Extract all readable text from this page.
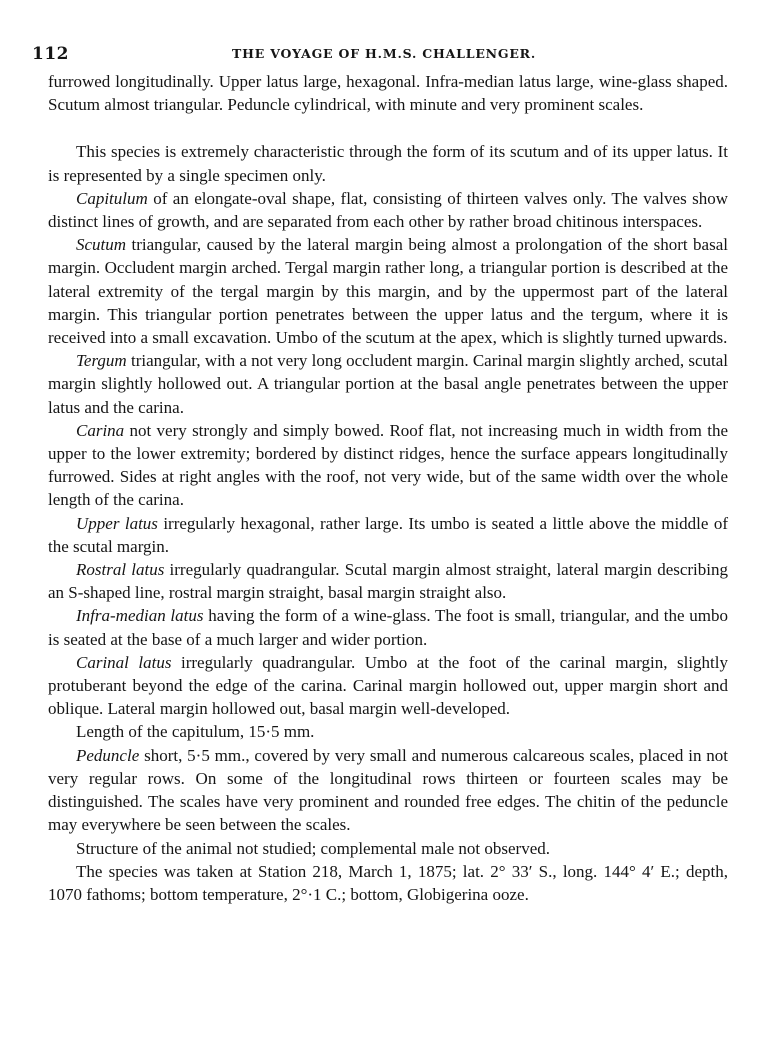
112	THE VOYAGE OF H.M.S. CHALLENGER.

furrowed longitudinally. Upper latus large, hexagonal. Infra-median latus large, wine-glass shaped. Scutum almost triangular. Peduncle cylindrical, with minute and very prominent scales.

This species is extremely characteristic through the form of its scutum and of its upper latus. It is represented by a single specimen only.

Capitulum of an elongate-oval shape, flat, consisting of thirteen valves only. The valves show distinct lines of growth, and are separated from each other by rather broad chitinous interspaces.

Scutum triangular, caused by the lateral margin being almost a prolongation of the short basal margin. Occludent margin arched. Tergal margin rather long, a triangular portion is described at the lateral extremity of the tergal margin by this margin, and by the uppermost part of the lateral margin. This triangular portion penetrates between the upper latus and the tergum, where it is received into a small excavation. Umbo of the scutum at the apex, which is slightly turned upwards.

Tergum triangular, with a not very long occludent margin. Carinal margin slightly arched, scutal margin slightly hollowed out. A triangular portion at the basal angle penetrates between the upper latus and the carina.

Carina not very strongly and simply bowed. Roof flat, not increasing much in width from the upper to the lower extremity; bordered by distinct ridges, hence the surface appears longitudinally furrowed. Sides at right angles with the roof, not very wide, but of the same width over the whole length of the carina.

Upper latus irregularly hexagonal, rather large. Its umbo is seated a little above the middle of the scutal margin.

Rostral latus irregularly quadrangular. Scutal margin almost straight, lateral margin describing an S-shaped line, rostral margin straight, basal margin straight also.

Infra-median latus having the form of a wine-glass. The foot is small, triangular, and the umbo is seated at the base of a much larger and wider portion.

Carinal latus irregularly quadrangular. Umbo at the foot of the carinal margin, slightly protuberant beyond the edge of the carina. Carinal margin hollowed out, upper margin short and oblique. Lateral margin hollowed out, basal margin well-developed.

Length of the capitulum, 15·5 mm.

Peduncle short, 5·5 mm., covered by very small and numerous calcareous scales, placed in not very regular rows. On some of the longitudinal rows thirteen or fourteen scales may be distinguished. The scales have very prominent and rounded free edges. The chitin of the peduncle may everywhere be seen between the scales.

Structure of the animal not studied; complemental male not observed.

The species was taken at Station 218, March 1, 1875; lat. 2° 33′ S., long. 144° 4′ E.; depth, 1070 fathoms; bottom temperature, 2°·1 C.; bottom, Globigerina ooze.
